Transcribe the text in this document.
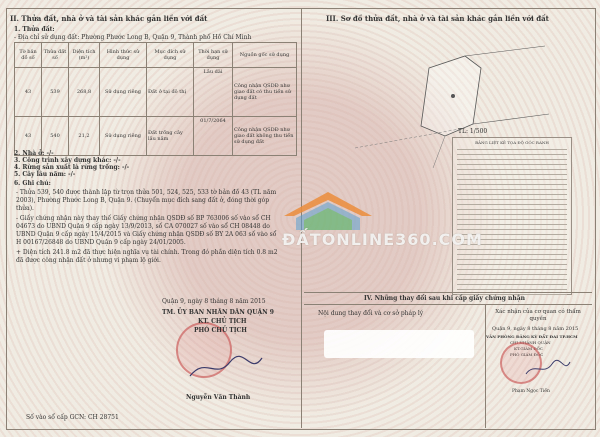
II. Thửa đất, nhà ở và tài sản khác gắn liền với đất
1. Thửa đất:
- Địa chỉ sử dụng đất: Phường Phước Long B, Quận 9, Thành phố Hồ Chí Minh
Tờ bản đồ số	Thửa đất số	Diện tích (m²)	Hình thức sử dụng	Mục đích sử dụng	Thời hạn sử dụng	Nguồn gốc sử dụng
43	539	268,8	Sử dụng riêng	Đất ở tại đô thị	Lâu dài	Công nhận QSDĐ như giao đất có thu tiền sử dụng đất
43	540	21,2	Sử dụng riêng	Đất trồng cây lâu năm	01/7/2064	Công nhận QSDĐ như giao đất không thu tiền sử dụng đất
2. Nhà ở: -/-
3. Công trình xây dựng khác: -/-
4. Rừng sản xuất là rừng trồng: -/-
5. Cây lâu năm: -/-
6. Ghi chú:
- Thửa 539, 540 được thành lập từ trọn thửa 501, 524, 525, 533 tờ bản đồ 43 (TL năm
2003), Phường Phước Long B, Quận 9. (Chuyển mục đích sang đất ở, đóng thời góp
thửa).
- Giấy chứng nhận này thay thế Giấy chứng nhận QSDĐ số BP 763006 số vào sổ CH
04673 do UBND Quận 9 cấp ngày 13/9/2013, số CA 070027 số vào sổ CH 08448 do
UBND Quận 9 cấp ngày 15/4/2015 và Giấy chứng nhận QSDĐ số BY 2A 063 số vào sổ
H 00167/26848 do UBND Quận 9 cấp ngày 24/01/2005.
+ Diện tích 241.8 m2 đã thực hiện nghĩa vụ tài chính. Trong đó phần diện tích 0.8 m2
đã được công nhận đất ở nhưng vi phạm lộ giới.
Quận 9, ngày 8 tháng 8 năm 2015
TM. ỦY BAN NHÂN DÂN QUẬN 9
KT. CHỦ TỊCH
PHÓ CHỦ TỊCH
Nguyễn Văn Thành
Số vào sổ cấp GCN: CH 28751
III. Sơ đồ thửa đất, nhà ở và tài sản khác gắn liền với đất
TL: 1/500
BẢNG LIỆT KÊ TỌA ĐỘ GÓC RANH
IV. Những thay đổi sau khi cấp giấy chứng nhận
Nội dung thay đổi và cơ sở pháp lý	Xác nhận của cơ quan có thẩm quyền
Quận 9, ngày 8 tháng 8 năm 2015
VĂN PHÒNG ĐĂNG KÝ ĐẤT ĐAI TP.HCM
CHI NHÁNH QUẬN
KT.GIÁM ĐỐC
PHÓ GIÁM ĐỐC
Phạm Ngọc Tiến
ĐẤTONLINE360.COM
